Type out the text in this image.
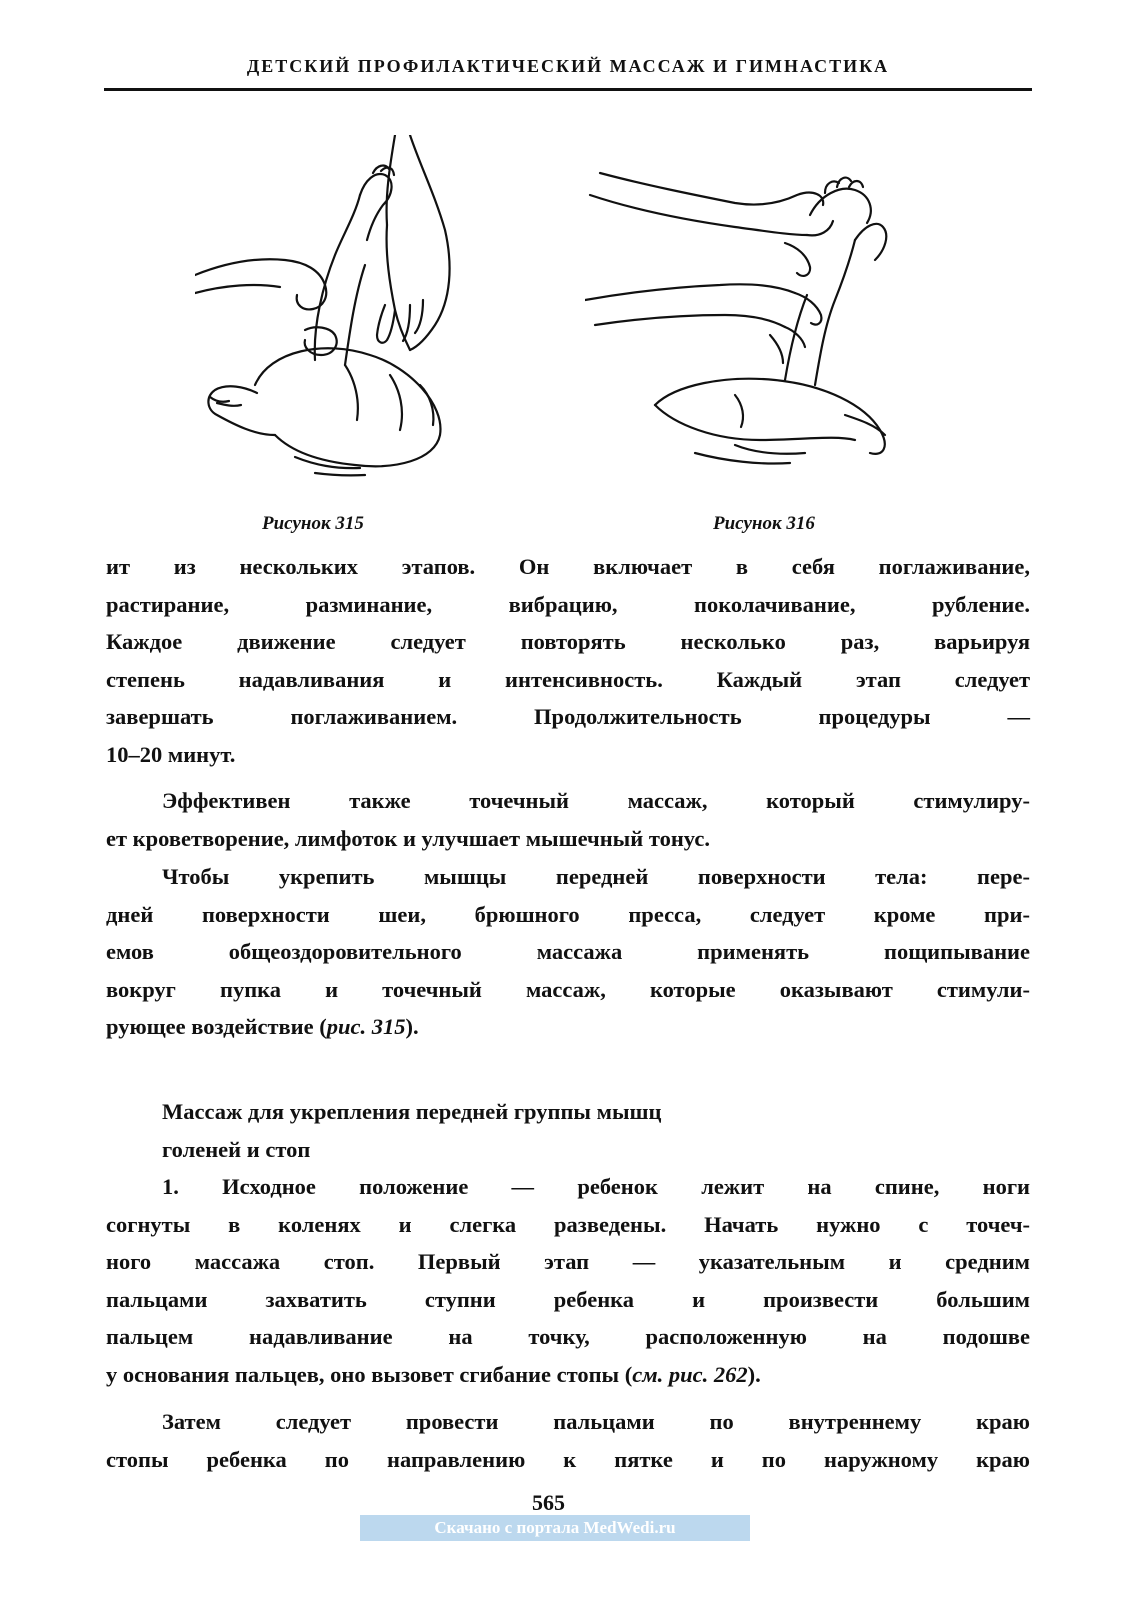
ДЕТСКИЙ ПРОФИЛАКТИЧЕСКИЙ МАССАЖ И ГИМНАСТИКА
Рисунок 315	Рисунок 316
ит из нескольких этапов. Он включает в себя поглаживание,
растирание, разминание, вибрацию, поколачивание, рубление.
Каждое движение следует повторять несколько раз, варьируя
степень надавливания и интенсивность. Каждый этап следует
завершать поглаживанием. Продолжительность процедуры —
10–20 минут.
Эффективен также точечный массаж, который стимулиру-
ет кроветворение, лимфоток и улучшает мышечный тонус.
Чтобы укрепить мышцы передней поверхности тела: пере-
дней поверхности шеи, брюшного пресса, следует кроме при-
емов общеоздоровительного массажа применять пощипывание
вокруг пупка и точечный массаж, которые оказывают стимули-
рующее воздействие (рис. 315).
Массаж для укрепления передней группы мышц
голеней и стоп
1. Исходное положение — ребенок лежит на спине, ноги
согнуты в коленях и слегка разведены. Начать нужно с точеч-
ного массажа стоп. Первый этап — указательным и средним
пальцами захватить ступни ребенка и произвести большим
пальцем надавливание на точку, расположенную на подошве
у основания пальцев, оно вызовет сгибание стопы (см. рис. 262).
Затем следует провести пальцами по внутреннему краю
стопы ребенка по направлению к пятке и по наружному краю
565
Скачано с портала MedWedi.ru
